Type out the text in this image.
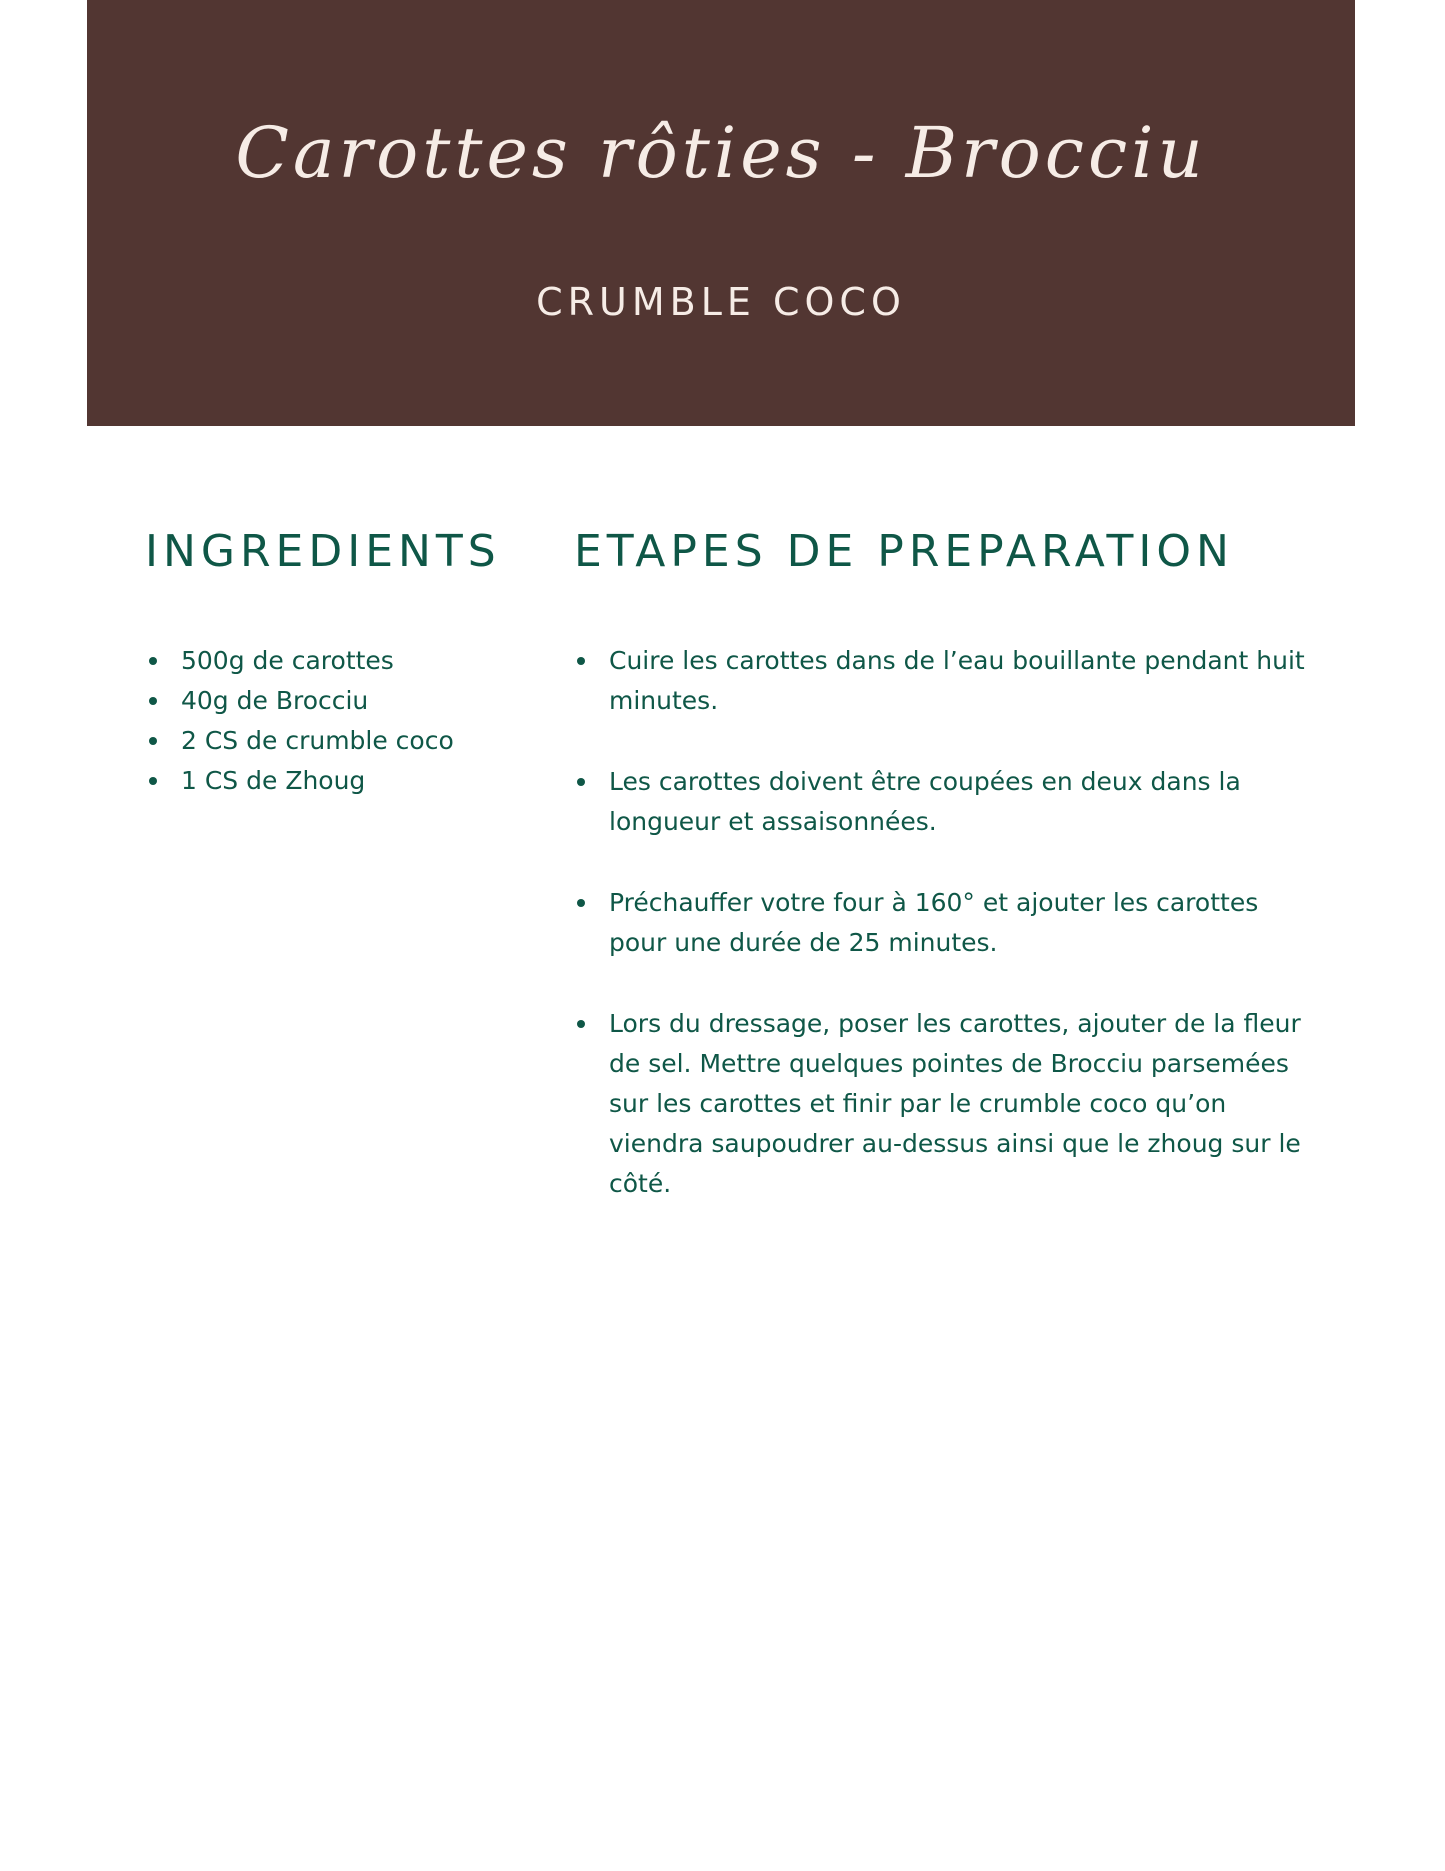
Carottes rôties - Brocciu
CRUMBLE COCO
INGREDIENTS ETAPES DE PREPARATION
500g de carottes
40g de Brocciu
2 CS de crumble coco
1 CS de Zhoug
Cuire les carottes dans de l’eau bouillante pendant huit minutes.
Les carottes doivent être coupées en deux dans la longueur et assaisonnées.
Préchauffer votre four à 160° et ajouter les carottes pour une durée de 25 minutes.
Lors du dressage, poser les carottes, ajouter de la fleur de sel. Mettre quelques pointes de Brocciu parsemées sur les carottes et finir par le crumble coco qu’on viendra saupoudrer au-dessus ainsi que le zhoug sur le côté.
